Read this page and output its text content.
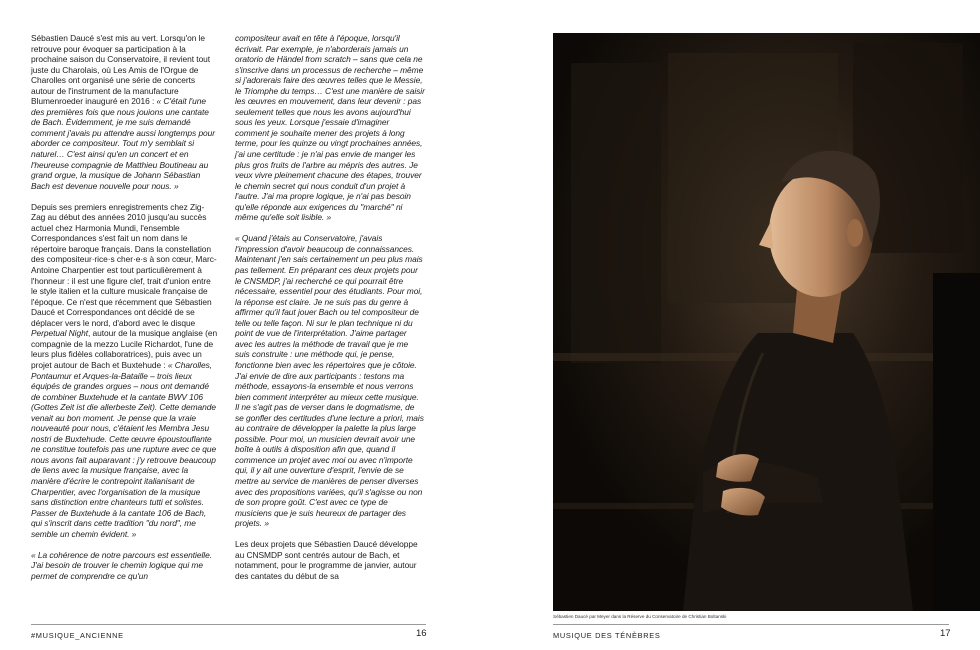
Sébastien Daucé s'est mis au vert. Lorsqu'on le retrouve pour évoquer sa participation à la prochaine saison du Conservatoire, il revient tout juste du Charolais, où Les Amis de l'Orgue de Charolles ont organisé une série de concerts autour de l'instrument de la manufacture Blumenroeder inauguré en 2016 : « C'était l'une des premières fois que nous jouions une cantate de Bach. Évidemment, je me suis demandé comment j'avais pu attendre aussi longtemps pour aborder ce compositeur. Tout m'y semblait si naturel… C'est ainsi qu'en un concert et en l'heureuse compagnie de Matthieu Boutineau au grand orgue, la musique de Johann Sébastian Bach est devenue nouvelle pour nous. »

Depuis ses premiers enregistrements chez Zig-Zag au début des années 2010 jusqu'au succès actuel chez Harmonia Mundi, l'ensemble Correspondances s'est fait un nom dans le répertoire baroque français. Dans la constellation des compositeur·rice·s cher·e·s à son cœur, Marc-Antoine Charpentier est tout particulièrement à l'honneur : il est une figure clef, trait d'union entre le style italien et la culture musicale française de l'époque. Ce n'est que récemment que Sébastien Daucé et Correspondances ont décidé de se déplacer vers le nord, d'abord avec le disque Perpetual Night, autour de la musique anglaise (en compagnie de la mezzo Lucile Richardot, l'une de leurs plus fidèles collaboratrices), puis avec un projet autour de Bach et Buxtehude : « Charolles, Pontaumur et Arques-la-Bataille – trois lieux équipés de grandes orgues – nous ont demandé de combiner Buxtehude et la cantate BWV 106 (Gottes Zeit ist die allerbeste Zeit). Cette demande venait au bon moment. Je pense que la vraie nouveauté pour nous, c'étaient les Membra Jesu nostri de Buxtehude. Cette œuvre époustouflante ne constitue toutefois pas une rupture avec ce que nous avons fait auparavant : j'y retrouve beaucoup de liens avec la musique française, avec la manière d'écrire le contrepoint italianisant de Charpentier, avec l'organisation de la musique sans distinction entre chanteurs tutti et solistes. Passer de Buxtehude à la cantate 106 de Bach, qui s'inscrit dans cette tradition "du nord", me semble un chemin évident. »

« La cohérence de notre parcours est essentielle. J'ai besoin de trouver le chemin logique qui me permet de comprendre ce qu'un

compositeur avait en tête à l'époque, lorsqu'il écrivait. Par exemple, je n'aborderais jamais un oratorio de Händel from scratch – sans que cela ne s'inscrive dans un processus de recherche – même si j'adorerais faire des œuvres telles que le Messie, le Triomphe du temps… C'est une manière de saisir les œuvres en mouvement, dans leur devenir : pas seulement telles que nous les avons aujourd'hui sous les yeux. Lorsque j'essaie d'imaginer comment je souhaite mener des projets à long terme, pour les quinze ou vingt prochaines années, j'ai une certitude : je n'ai pas envie de manger les plus gros fruits de l'arbre au mépris des autres. Je veux vivre pleinement chacune des étapes, trouver le chemin secret qui nous conduit d'un projet à l'autre. J'ai ma propre logique, je n'ai pas besoin qu'elle réponde aux exigences du "marché" ni même qu'elle soit lisible. »

« Quand j'étais au Conservatoire, j'avais l'impression d'avoir beaucoup de connaissances. Maintenant j'en sais certainement un peu plus mais pas tellement. En préparant ces deux projets pour le CNSMDP, j'ai recherché ce qui pourrait être nécessaire, essentiel pour des étudiants. Pour moi, la réponse est claire. Je ne suis pas du genre à affirmer qu'il faut jouer Bach ou tel compositeur de telle ou telle façon. Ni sur le plan technique ni du point de vue de l'interprétation. J'aime partager avec les autres la méthode de travail que je me suis construite : une méthode qui, je pense, fonctionne bien avec les répertoires que je côtoie. J'ai envie de dire aux participants : testons ma méthode, essayons-la ensemble et nous verrons bien comment interpréter au mieux cette musique. Il ne s'agit pas de verser dans le dogmatisme, de se gonfler des certitudes d'une lecture a priori, mais au contraire de développer la palette la plus large possible. Pour moi, un musicien devrait avoir une boîte à outils à disposition afin que, quand il commence un projet avec moi ou avec n'importe qui, il y ait une ouverture d'esprit, l'envie de se mettre au service de manières de penser diverses avec des propositions variées, qu'il s'agisse ou non de son propre goût. C'est avec ce type de musiciens que je suis heureux de partager des projets. »

Les deux projets que Sébastien Daucé développe au CNSMDP sont centrés autour de Bach, et notamment, pour le programme de janvier, autour des cantates du début de sa

#MUSIQUE_ANCIENNE	16
Sébastien Daucé par Meyer dans la Réserve du Conservatoire de Christian Boltanski
MUSIQUE DES TÉNÈBRES	17
